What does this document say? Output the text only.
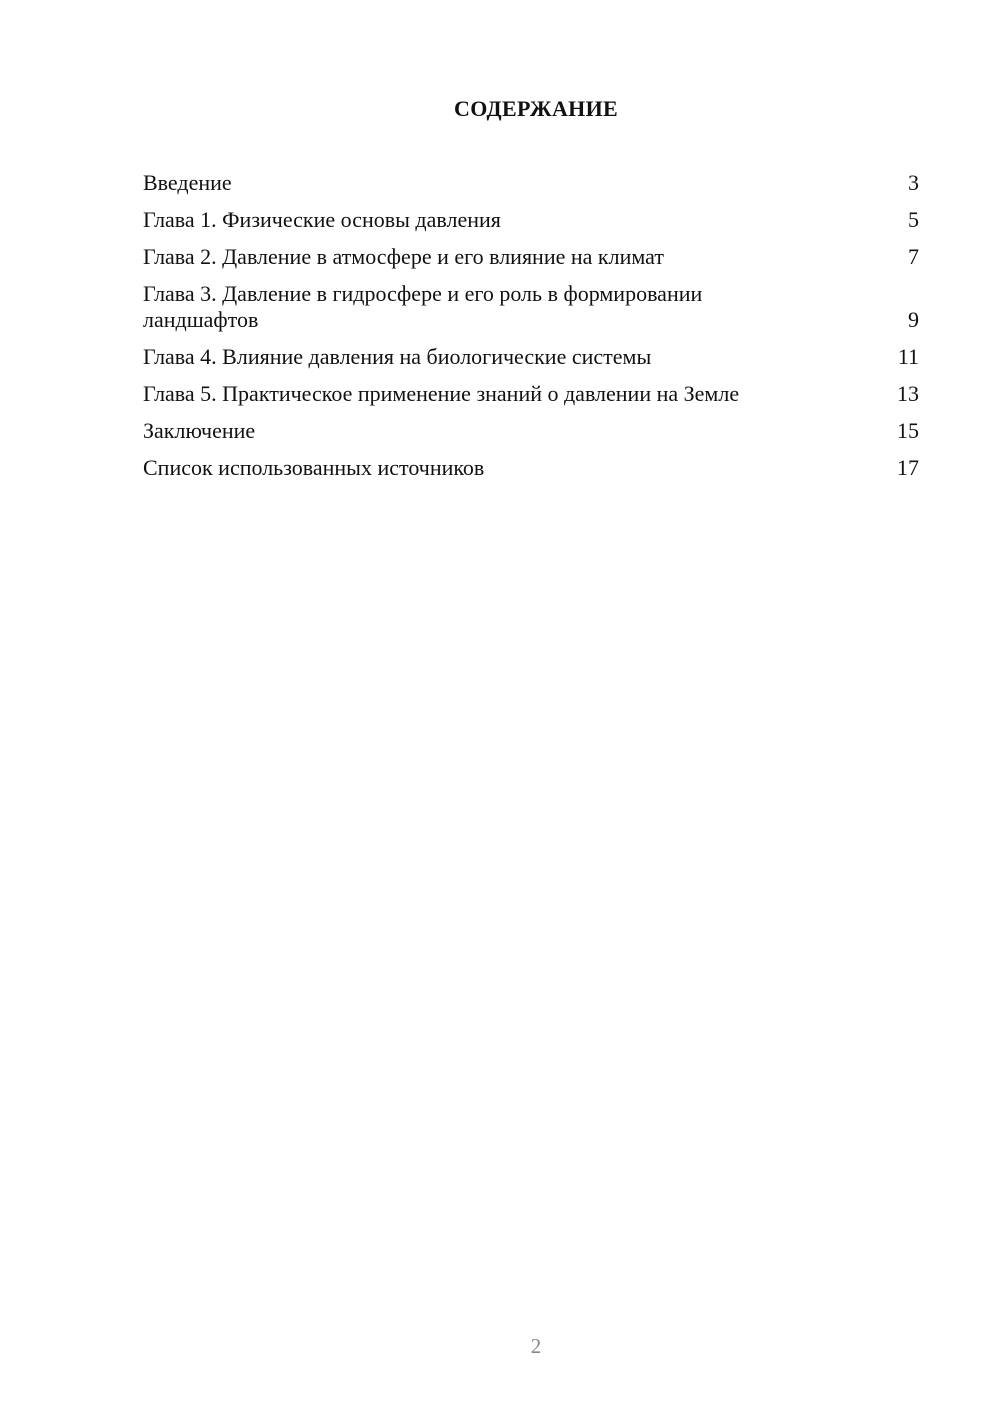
СОДЕРЖАНИЕ
Введение	3
Глава 1. Физические основы давления	5
Глава 2. Давление в атмосфере и его влияние на климат	7
Глава 3. Давление в гидросфере и его роль в формировании ландшафтов	9
Глава 4. Влияние давления на биологические системы	11
Глава 5. Практическое применение знаний о давлении на Земле	13
Заключение	15
Список использованных источников	17
2
